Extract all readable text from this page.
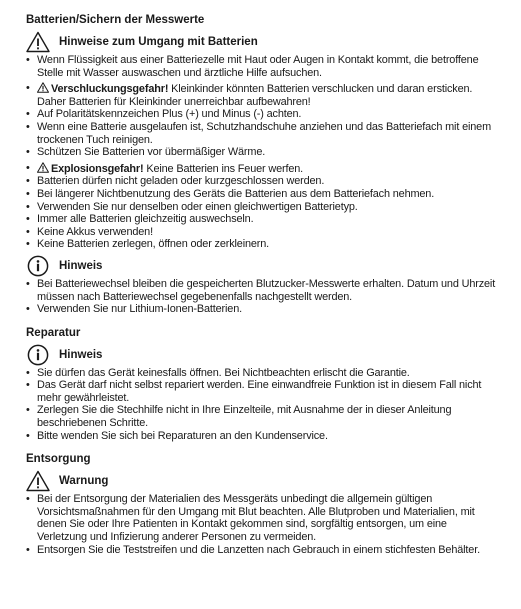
Batterien/Sichern der Messwerte
Hinweise zum Umgang mit Batterien
• Wenn Flüssigkeit aus einer Batteriezelle mit Haut oder Augen in Kontakt kommt, die betroffene Stelle mit Wasser auswaschen und ärztliche Hilfe aufsuchen.
• Verschluckungsgefahr! Kleinkinder könnten Batterien verschlucken und daran ersticken. Daher Batterien für Kleinkinder unerreichbar aufbewahren!
• Auf Polaritätskennzeichen Plus (+) und Minus (-) achten.
• Wenn eine Batterie ausgelaufen ist, Schutzhandschuhe anziehen und das Batteriefach mit einem trockenen Tuch reinigen.
• Schützen Sie Batterien vor übermäßiger Wärme.
• Explosionsgefahr! Keine Batterien ins Feuer werfen.
• Batterien dürfen nicht geladen oder kurzgeschlossen werden.
• Bei längerer Nichtbenutzung des Geräts die Batterien aus dem Batteriefach nehmen.
• Verwenden Sie nur denselben oder einen gleichwertigen Batterietyp.
• Immer alle Batterien gleichzeitig auswechseln.
• Keine Akkus verwenden!
• Keine Batterien zerlegen, öffnen oder zerkleinern.
Hinweis
• Bei Batteriewechsel bleiben die gespeicherten Blutzucker-Messwerte erhalten. Datum und Uhrzeit müssen nach Batteriewechsel gegebenenfalls nachgestellt werden.
• Verwenden Sie nur Lithium-Ionen-Batterien.
Reparatur
Hinweis
• Sie dürfen das Gerät keinesfalls öffnen. Bei Nichtbeachten erlischt die Garantie.
• Das Gerät darf nicht selbst repariert werden. Eine einwandfreie Funktion ist in diesem Fall nicht mehr gewährleistet.
• Zerlegen Sie die Stechhilfe nicht in Ihre Einzelteile, mit Ausnahme der in dieser Anleitung beschriebenen Schritte.
• Bitte wenden Sie sich bei Reparaturen an den Kundenservice.
Entsorgung
Warnung
• Bei der Entsorgung der Materialien des Messgeräts unbedingt die allgemein gültigen Vorsichtsmaßnahmen für den Umgang mit Blut beachten. Alle Blutproben und Materialien, mit denen Sie oder Ihre Patienten in Kontakt gekommen sind, sorgfältig entsorgen, um eine Verletzung und Infizierung anderer Personen zu vermeiden.
• Entsorgen Sie die Teststreifen und die Lanzetten nach Gebrauch in einem stichfesten Behälter.
